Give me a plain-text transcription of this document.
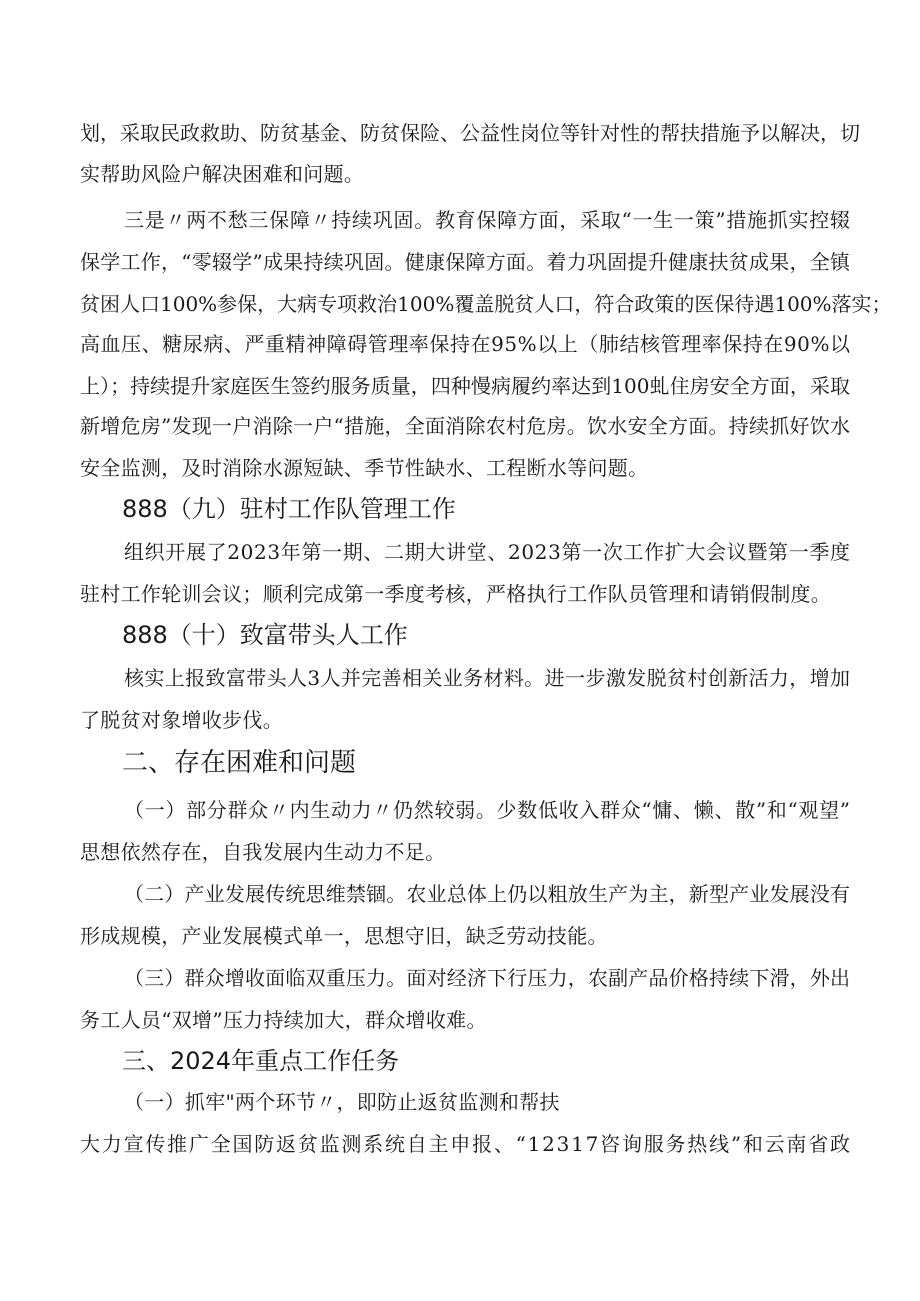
划，采取民政救助、防贫基金、防贫保险、公益性岗位等针对性的帮扶措施予以解决，切
实帮助风险户解决困难和问题。
三是〃两不愁三保障〃持续巩固。教育保障方面，采取“一生一策”措施抓实控辍
保学工作，“零辍学”成果持续巩固。健康保障方面。着力巩固提升健康扶贫成果，全镇
贫困人口100%参保，大病专项救治100%覆盖脱贫人口，符合政策的医保待遇100%落实；
高血压、糖尿病、严重精神障碍管理率保持在95%以上（肺结核管理率保持在90%以
上）；持续提升家庭医生签约服务质量，四种慢病履约率达到100虬住房安全方面，采取
新增危房”发现一户消除一户“措施，全面消除农村危房。饮水安全方面。持续抓好饮水
安全监测，及时消除水源短缺、季节性缺水、工程断水等问题。
888（九）驻村工作队管理工作
组织开展了2023年第一期、二期大讲堂、2023第一次工作扩大会议暨第一季度
驻村工作轮训会议；顺利完成第一季度考核，严格执行工作队员管理和请销假制度。
888（十）致富带头人工作
核实上报致富带头人3人并完善相关业务材料。进一步激发脱贫村创新活力，增加
了脱贫对象增收步伐。
二、存在困难和问题
（一）部分群众〃内生动力〃仍然较弱。少数低收入群众“慵、懒、散”和“观望”
思想依然存在，自我发展内生动力不足。
（二）产业发展传统思维禁锢。农业总体上仍以粗放生产为主，新型产业发展没有
形成规模，产业发展模式单一，思想守旧，缺乏劳动技能。
（三）群众增收面临双重压力。面对经济下行压力，农副产品价格持续下滑，外出
务工人员“双增”压力持续加大，群众增收难。
三、2024年重点工作任务
（一）抓牢"两个环节〃，即防止返贫监测和帮扶
大力宣传推广全国防返贫监测系统自主申报、“12317咨询服务热线”和云南省政
